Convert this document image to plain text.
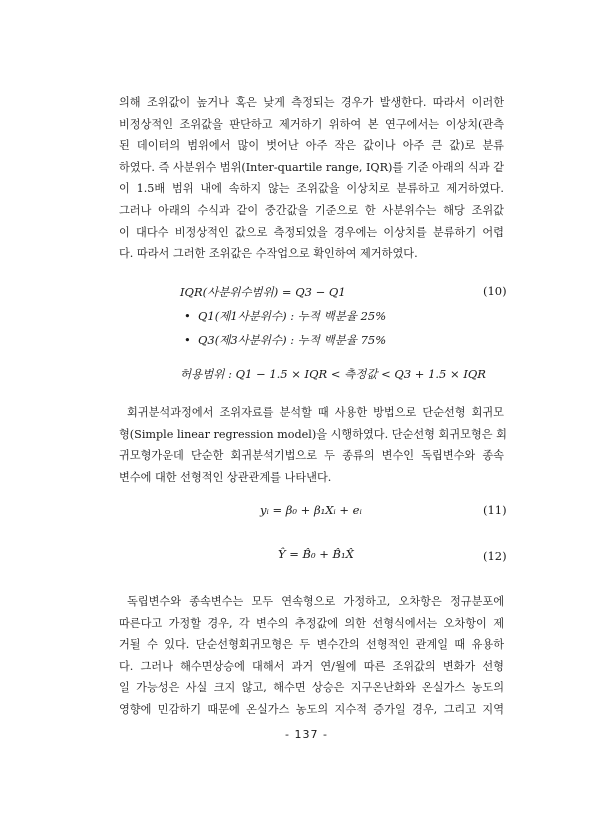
의해 조위값이 높거나 혹은 낮게 측정되는 경우가 발생한다. 따라서 이러한
비정상적인 조위값을 판단하고 제거하기 위하여 본 연구에서는 이상치(관측
된 데이터의 범위에서 많이 벗어난 아주 작은 값이나 아주 큰 값)로 분류
하였다. 즉 사분위수 범위(Inter-quartile range, IQR)를 기준 아래의 식과 같
이 1.5배 범위 내에 속하지 않는 조위값을 이상치로 분류하고 제거하였다.
그러나 아래의 수식과 같이 중간값을 기준으로 한 사분위수는 해당 조위값
이 대다수 비정상적인 값으로 측정되었을 경우에는 이상치를 분류하기 어렵
다. 따라서 그러한 조위값은 수작업으로 확인하여 제거하였다.
IQR(사분위수범위) = Q3 − Q1	(10)
• Q1(제1사분위수) : 누적 백분율 25%
• Q3(제3사분위수) : 누적 백분율 75%
허용범위 : Q1 − 1.5 × IQR < 측정값 < Q3 + 1.5 × IQR
회귀분석과정에서 조위자료를 분석할 때 사용한 방법으로 단순선형 회귀모
형(Simple linear regression model)을 시행하였다. 단순선형 회귀모형은 회
귀모형가운데 단순한 회귀분석기법으로 두 종류의 변수인 독립변수와 종속
변수에 대한 선형적인 상관관계를 나타낸다.
yᵢ = β₀ + β₁Xᵢ + eᵢ	(11)
Ŷ = B̂₀ + B̂₁X̂	(12)
독립변수와 종속변수는 모두 연속형으로 가정하고, 오차항은 정규분포에
따른다고 가정할 경우, 각 변수의 추정값에 의한 선형식에서는 오차항이 제
거될 수 있다. 단순선형회귀모형은 두 변수간의 선형적인 관계일 때 유용하
다. 그러나 해수면상승에 대해서 과거 연/월에 따른 조위값의 변화가 선형
일 가능성은 사실 크지 않고, 해수면 상승은 지구온난화와 온실가스 농도의
영향에 민감하기 때문에 온실가스 농도의 지수적 증가일 경우, 그리고 지역
- 137 -
